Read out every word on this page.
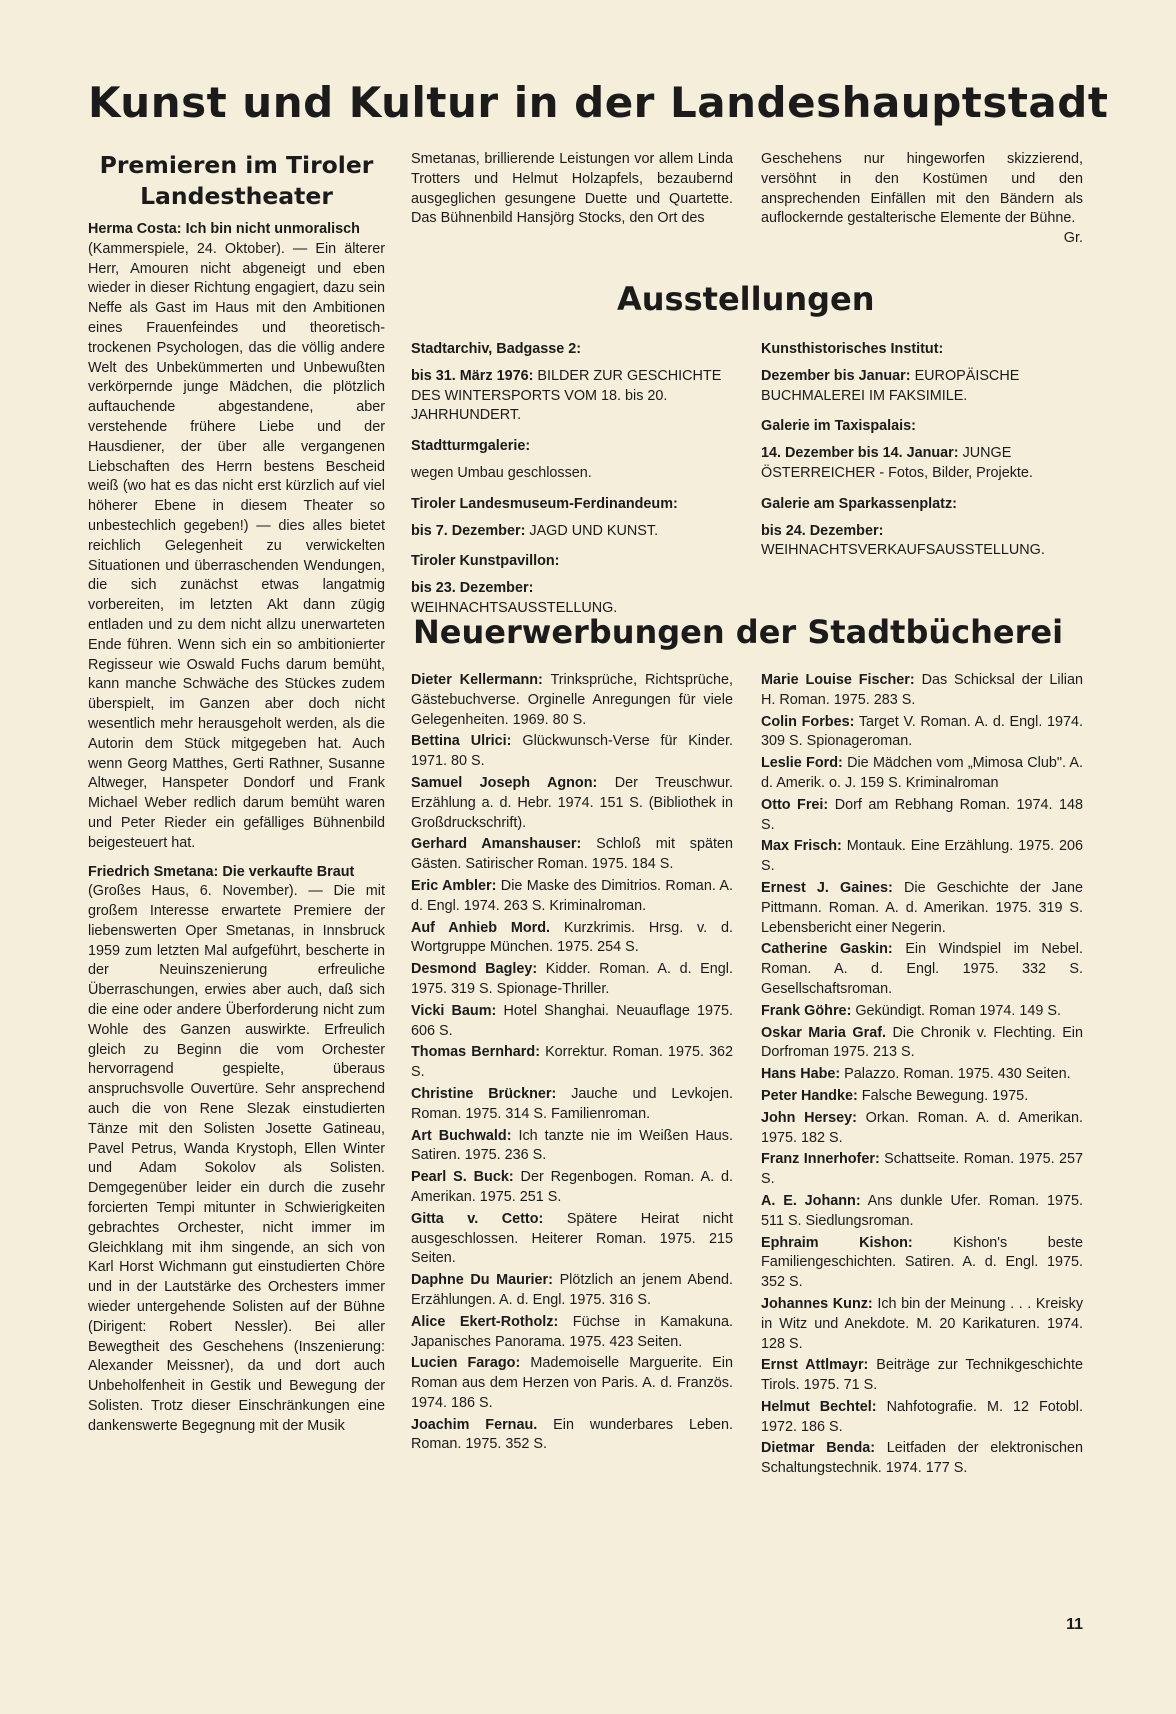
Kunst und Kultur in der Landeshauptstadt
Premieren im Tiroler Landestheater

Herma Costa: Ich bin nicht unmoralisch
(Kammerspiele, 24. Oktober). — Ein älterer Herr, Amouren nicht abgeneigt und eben wieder in dieser Richtung engagiert, dazu sein Neffe als Gast im Haus mit den Ambitionen eines Frauenfeindes und theoretisch-trockenen Psychologen, das die völlig andere Welt des Unbekümmerten und Unbewußten verkörpernde junge Mädchen, die plötzlich auftauchende abgestandene, aber verstehende frühere Liebe und der Hausdiener, der über alle vergangenen Liebschaften des Herrn bestens Bescheid weiß (wo hat es das nicht erst kürzlich auf viel höherer Ebene in diesem Theater so unbestechlich gegeben!) — dies alles bietet reichlich Gelegenheit zu verwickelten Situationen und überraschenden Wendungen, die sich zunächst etwas langatmig vorbereiten, im letzten Akt dann zügig entladen und zu dem nicht allzu unerwarteten Ende führen. Wenn sich ein so ambitionierter Regisseur wie Oswald Fuchs darum bemüht, kann manche Schwäche des Stückes zudem überspielt, im Ganzen aber doch nicht wesentlich mehr herausgeholt werden, als die Autorin dem Stück mitgegeben hat. Auch wenn Georg Matthes, Gerti Rathner, Susanne Altweger, Hanspeter Dondorf und Frank Michael Weber redlich darum bemüht waren und Peter Rieder ein gefälliges Bühnenbild beigesteuert hat.

Friedrich Smetana: Die verkaufte Braut
(Großes Haus, 6. November). — Die mit großem Interesse erwartete Premiere der liebenswerten Oper Smetanas, in Innsbruck 1959 zum letzten Mal aufgeführt, bescherte in der Neuinszenierung erfreuliche Überraschungen, erwies aber auch, daß sich die eine oder andere Überforderung nicht zum Wohle des Ganzen auswirkte. Erfreulich gleich zu Beginn die vom Orchester hervorragend gespielte, überaus anspruchsvolle Ouvertüre. Sehr ansprechend auch die von Rene Slezak einstudierten Tänze mit den Solisten Josette Gatineau, Pavel Petrus, Wanda Krystoph, Ellen Winter und Adam Sokolov als Solisten. Demgegenüber leider ein durch die zusehr forcierten Tempi mitunter in Schwierigkeiten gebrachtes Orchester, nicht immer im Gleichklang mit ihm singende, an sich von Karl Horst Wichmann gut einstudierten Chöre und in der Lautstärke des Orchesters immer wieder untergehende Solisten auf der Bühne (Dirigent: Robert Nessler). Bei aller Bewegtheit des Geschehens (Inszenierung: Alexander Meissner), da und dort auch Unbeholfenheit in Gestik und Bewegung der Solisten. Trotz dieser Einschränkungen eine dankenswerte Begegnung mit der Musik

Smetanas, brillierende Leistungen vor allem Linda Trotters und Helmut Holzapfels, bezaubernd ausgeglichen gesungene Duette und Quartette. Das Bühnenbild Hansjörg Stocks, den Ort des
Geschehens nur hingeworfen skizzierend, versöhnt in den Kostümen und den ansprechenden Einfällen mit den Bändern als auflockernde gestalterische Elemente der Bühne.
Gr.
Ausstellungen
Stadtarchiv, Badgasse 2:
bis 31. März 1976: BILDER ZUR GESCHICHTE DES WINTERSPORTS VOM 18. bis 20. JAHRHUNDERT.
Stadtturmgalerie:
wegen Umbau geschlossen.
Tiroler Landesmuseum-Ferdinandeum:
bis 7. Dezember: JAGD UND KUNST.
Tiroler Kunstpavillon:
bis 23. Dezember: WEIHNACHTSAUSSTELLUNG.
Kunsthistorisches Institut:
Dezember bis Januar: EUROPÄISCHE BUCHMALEREI IM FAKSIMILE.
Galerie im Taxispalais:
14. Dezember bis 14. Januar: JUNGE ÖSTERREICHER - Fotos, Bilder, Projekte.
Galerie am Sparkassenplatz:
bis 24. Dezember: WEIHNACHTSVERKAUFSAUSSTELLUNG.
Neuerwerbungen der Stadtbücherei
Dieter Kellermann: Trinksprüche, Richtsprüche, Gästebuchverse. Orginelle Anregungen für viele Gelegenheiten. 1969. 80 S.
Bettina Ulrici: Glückwunsch-Verse für Kinder. 1971. 80 S.
Samuel Joseph Agnon: Der Treuschwur. Erzählung a. d. Hebr. 1974. 151 S. (Bibliothek in Großdruckschrift).
Gerhard Amanshauser: Schloß mit späten Gästen. Satirischer Roman. 1975. 184 S.
Eric Ambler: Die Maske des Dimitrios. Roman. A. d. Engl. 1974. 263 S. Kriminalroman.
Auf Anhieb Mord. Kurzkrimis. Hrsg. v. d. Wortgruppe München. 1975. 254 S.
Desmond Bagley: Kidder. Roman. A. d. Engl. 1975. 319 S. Spionage-Thriller.
Vicki Baum: Hotel Shanghai. Neuauflage 1975. 606 S.
Thomas Bernhard: Korrektur. Roman. 1975. 362 S.
Christine Brückner: Jauche und Levkojen. Roman. 1975. 314 S. Familienroman.
Art Buchwald: Ich tanzte nie im Weißen Haus. Satiren. 1975. 236 S.
Pearl S. Buck: Der Regenbogen. Roman. A. d. Amerikan. 1975. 251 S.
Gitta v. Cetto: Spätere Heirat nicht ausgeschlossen. Heiterer Roman. 1975. 215 Seiten.
Daphne Du Maurier: Plötzlich an jenem Abend. Erzählungen. A. d. Engl. 1975. 316 S.
Alice Ekert-Rotholz: Füchse in Kamakuna. Japanisches Panorama. 1975. 423 Seiten.
Lucien Farago: Mademoiselle Marguerite. Ein Roman aus dem Herzen von Paris. A. d. Französ. 1974. 186 S.
Joachim Fernau. Ein wunderbares Leben. Roman. 1975. 352 S.
Marie Louise Fischer: Das Schicksal der Lilian H. Roman. 1975. 283 S.
Colin Forbes: Target V. Roman. A. d. Engl. 1974. 309 S. Spionageroman.
Leslie Ford: Die Mädchen vom „Mimosa Club". A. d. Amerik. o. J. 159 S. Kriminalroman
Otto Frei: Dorf am Rebhang Roman. 1974. 148 S.
Max Frisch: Montauk. Eine Erzählung. 1975. 206 S.
Ernest J. Gaines: Die Geschichte der Jane Pittmann. Roman. A. d. Amerikan. 1975. 319 S. Lebensbericht einer Negerin.
Catherine Gaskin: Ein Windspiel im Nebel. Roman. A. d. Engl. 1975. 332 S. Gesellschaftsroman.
Frank Göhre: Gekündigt. Roman 1974. 149 S.
Oskar Maria Graf. Die Chronik v. Flechting. Ein Dorfroman 1975. 213 S.
Hans Habe: Palazzo. Roman. 1975. 430 Seiten.
Peter Handke: Falsche Bewegung. 1975.
John Hersey: Orkan. Roman. A. d. Amerikan. 1975. 182 S.
Franz Innerhofer: Schattseite. Roman. 1975. 257 S.
A. E. Johann: Ans dunkle Ufer. Roman. 1975. 511 S. Siedlungsroman.
Ephraim Kishon:	Kishon's beste Familiengeschichten. Satiren. A. d. Engl. 1975. 352 S.
Johannes Kunz: Ich bin der Meinung . . . Kreisky in Witz und Anekdote. M. 20 Karikaturen. 1974. 128 S.
Ernst Attlmayr: Beiträge zur Technikgeschichte Tirols. 1975. 71 S.
Helmut Bechtel: Nahfotografie. M. 12 Fotobl. 1972. 186 S.
Dietmar Benda: Leitfaden der elektronischen Schaltungstechnik. 1974. 177 S.
11
